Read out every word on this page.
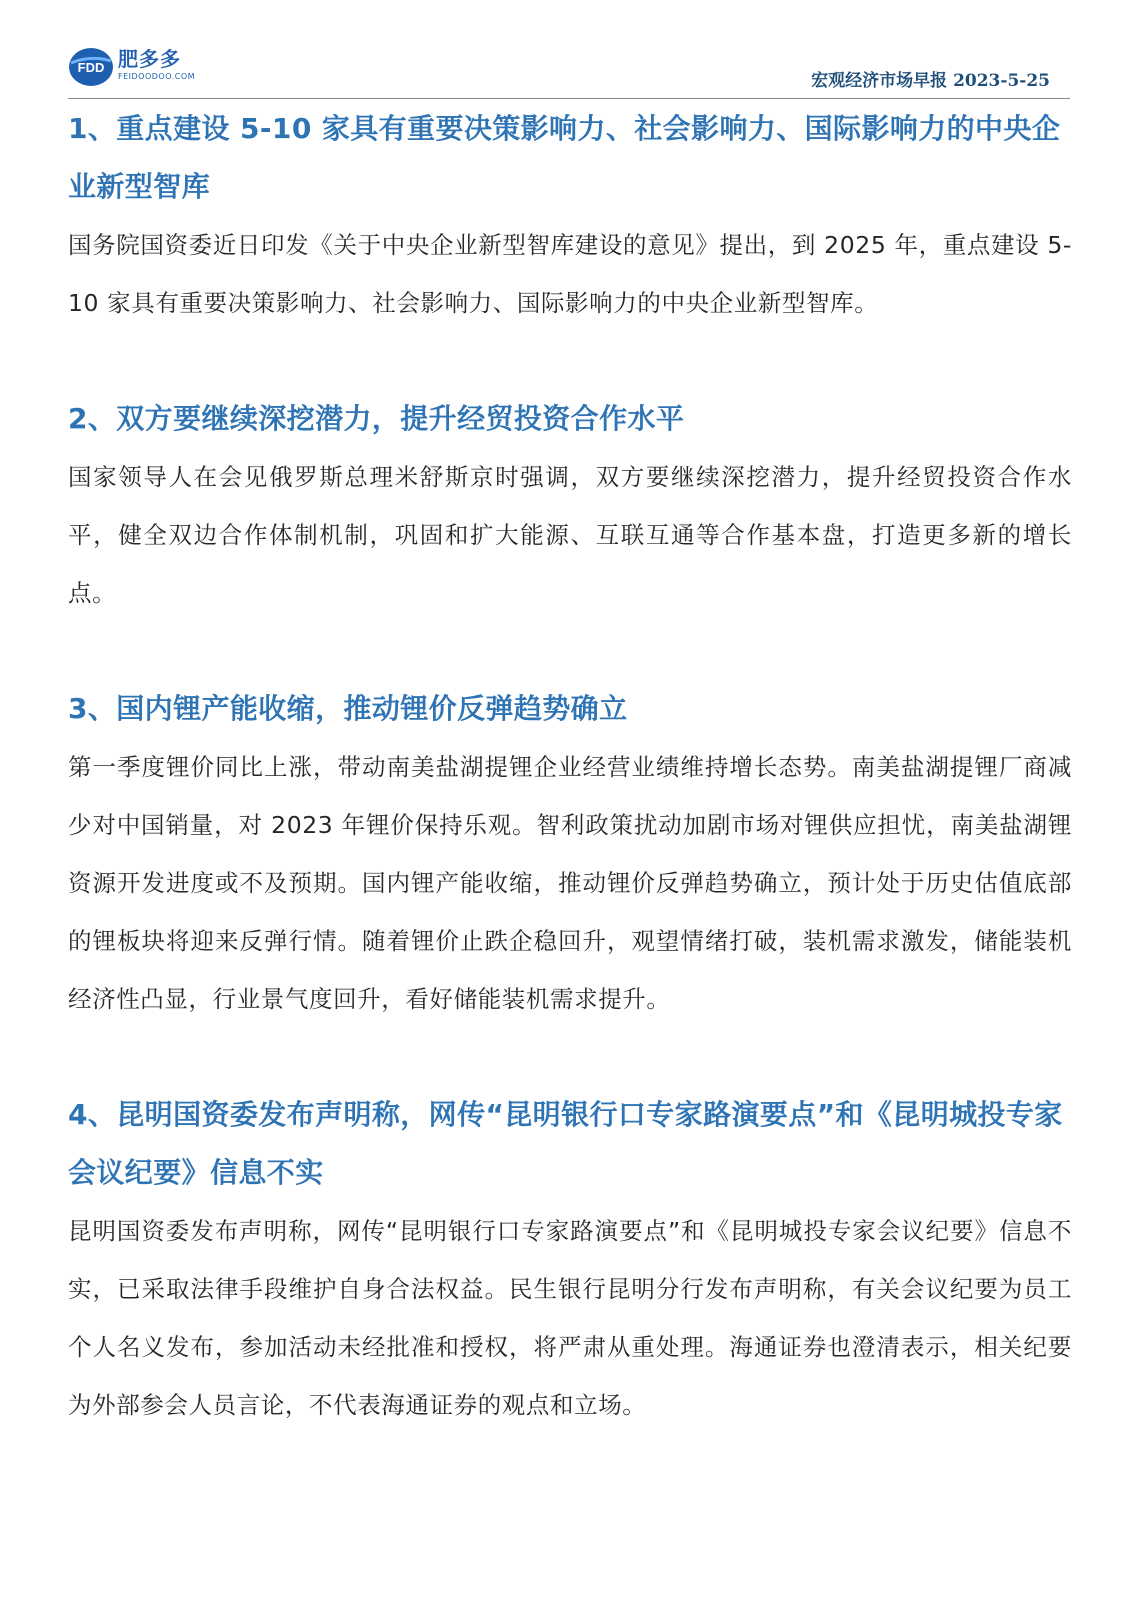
FDD 肥多多
FEIDOODOO.COM	宏观经济市场早报 2023-5-25
1、重点建设 5-10 家具有重要决策影响力、社会影响力、国际影响力的中央企业新型智库

国务院国资委近日印发《关于中央企业新型智库建设的意见》提出，到 2025 年，重点建设 5-10 家具有重要决策影响力、社会影响力、国际影响力的中央企业新型智库。

2、双方要继续深挖潜力，提升经贸投资合作水平

国家领导人在会见俄罗斯总理米舒斯京时强调，双方要继续深挖潜力，提升经贸投资合作水平，健全双边合作体制机制，巩固和扩大能源、互联互通等合作基本盘，打造更多新的增长点。

3、国内锂产能收缩，推动锂价反弹趋势确立

第一季度锂价同比上涨，带动南美盐湖提锂企业经营业绩维持增长态势。南美盐湖提锂厂商减少对中国销量，对 2023 年锂价保持乐观。智利政策扰动加剧市场对锂供应担忧，南美盐湖锂资源开发进度或不及预期。国内锂产能收缩，推动锂价反弹趋势确立，预计处于历史估值底部的锂板块将迎来反弹行情。随着锂价止跌企稳回升，观望情绪打破，装机需求激发，储能装机经济性凸显，行业景气度回升，看好储能装机需求提升。

4、昆明国资委发布声明称，网传“昆明银行口专家路演要点”和《昆明城投专家会议纪要》信息不实

昆明国资委发布声明称，网传“昆明银行口专家路演要点”和《昆明城投专家会议纪要》信息不实，已采取法律手段维护自身合法权益。民生银行昆明分行发布声明称，有关会议纪要为员工个人名义发布，参加活动未经批准和授权，将严肃从重处理。海通证券也澄清表示，相关纪要为外部参会人员言论，不代表海通证券的观点和立场。
